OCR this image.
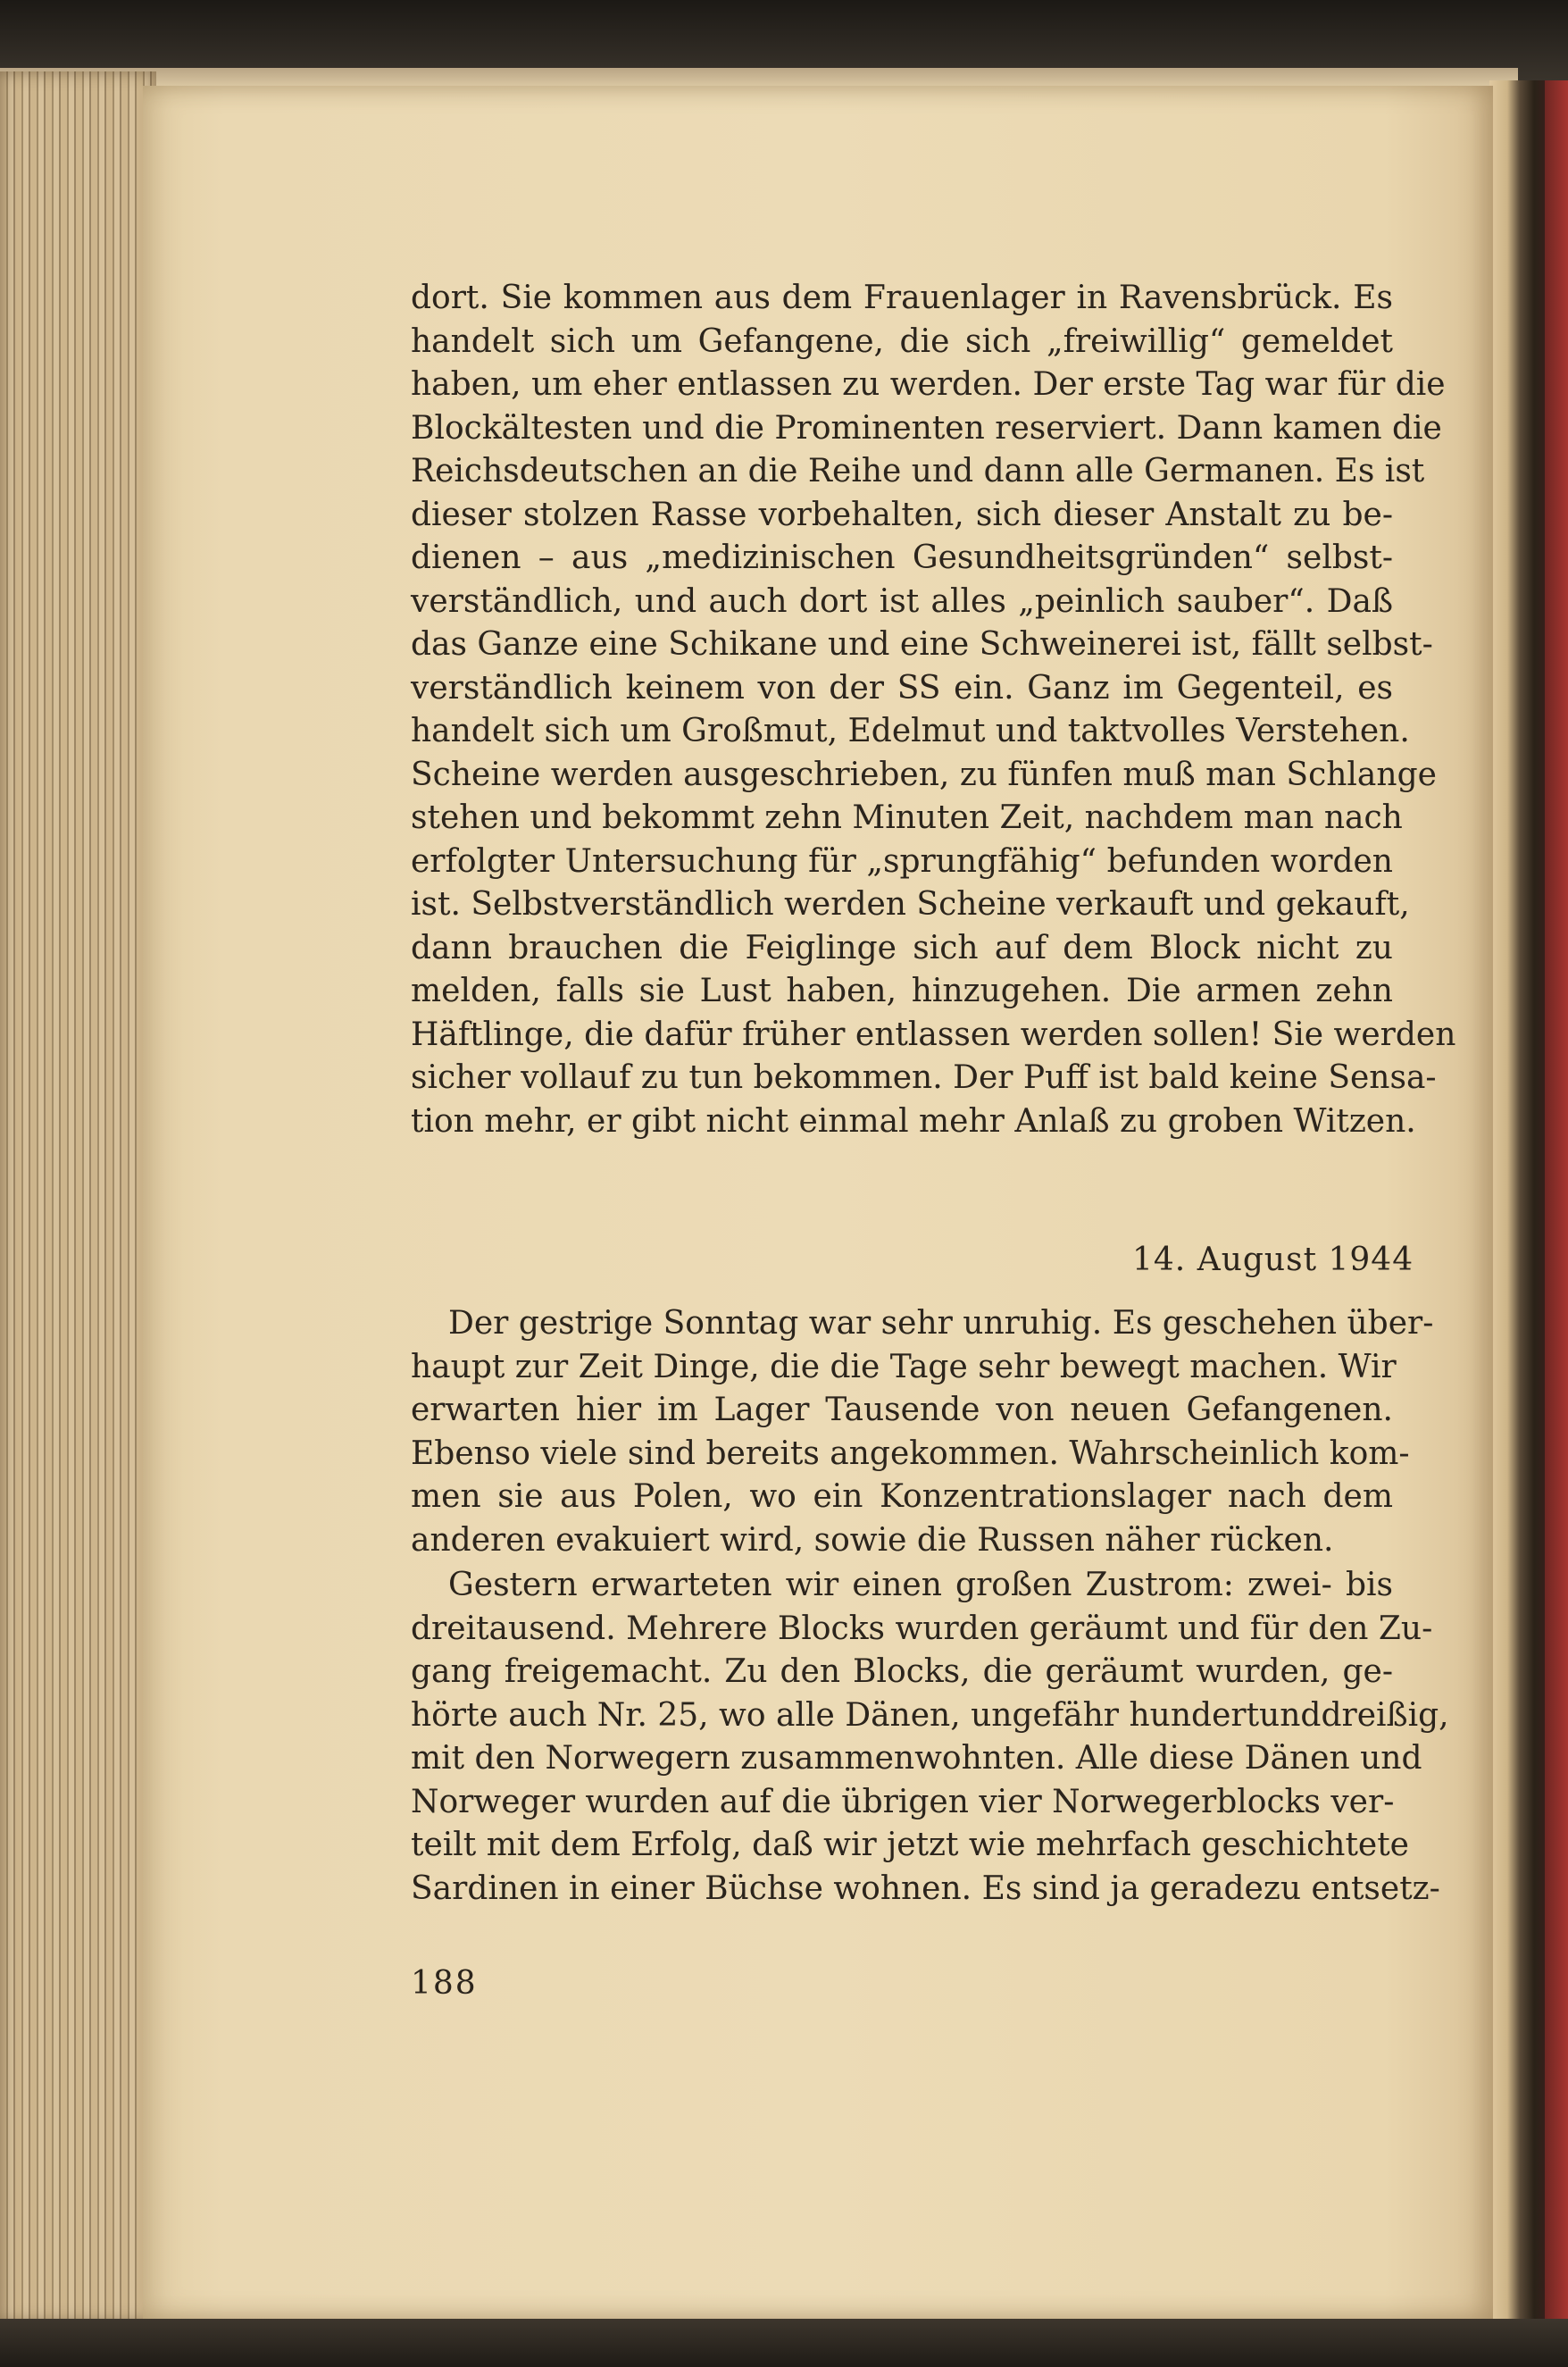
dort. Sie kommen aus dem Frauenlager in Ravensbrück. Es
handelt sich um Gefangene, die sich „freiwillig“ gemeldet
haben, um eher entlassen zu werden. Der erste Tag war für die
Blockältesten und die Prominenten reserviert. Dann kamen die
Reichsdeutschen an die Reihe und dann alle Germanen. Es ist
dieser stolzen Rasse vorbehalten, sich dieser Anstalt zu be-
dienen – aus „medizinischen Gesundheitsgründen“ selbst-
verständlich, und auch dort ist alles „peinlich sauber“. Daß
das Ganze eine Schikane und eine Schweinerei ist, fällt selbst-
verständlich keinem von der SS ein. Ganz im Gegenteil, es
handelt sich um Großmut, Edelmut und taktvolles Verstehen.
Scheine werden ausgeschrieben, zu fünfen muß man Schlange
stehen und bekommt zehn Minuten Zeit, nachdem man nach
erfolgter Untersuchung für „sprungfähig“ befunden worden
ist. Selbstverständlich werden Scheine verkauft und gekauft,
dann brauchen die Feiglinge sich auf dem Block nicht zu
melden, falls sie Lust haben, hinzugehen. Die armen zehn
Häftlinge, die dafür früher entlassen werden sollen! Sie werden
sicher vollauf zu tun bekommen. Der Puff ist bald keine Sensa-
tion mehr, er gibt nicht einmal mehr Anlaß zu groben Witzen.
14. August 1944
Der gestrige Sonntag war sehr unruhig. Es geschehen über-
haupt zur Zeit Dinge, die die Tage sehr bewegt machen. Wir
erwarten hier im Lager Tausende von neuen Gefangenen.
Ebenso viele sind bereits angekommen. Wahrscheinlich kom-
men sie aus Polen, wo ein Konzentrationslager nach dem
anderen evakuiert wird, sowie die Russen näher rücken.
Gestern erwarteten wir einen großen Zustrom: zwei- bis
dreitausend. Mehrere Blocks wurden geräumt und für den Zu-
gang freigemacht. Zu den Blocks, die geräumt wurden, ge-
hörte auch Nr. 25, wo alle Dänen, ungefähr hundertunddreißig,
mit den Norwegern zusammenwohnten. Alle diese Dänen und
Norweger wurden auf die übrigen vier Norwegerblocks ver-
teilt mit dem Erfolg, daß wir jetzt wie mehrfach geschichtete
Sardinen in einer Büchse wohnen. Es sind ja geradezu entsetz-
188
